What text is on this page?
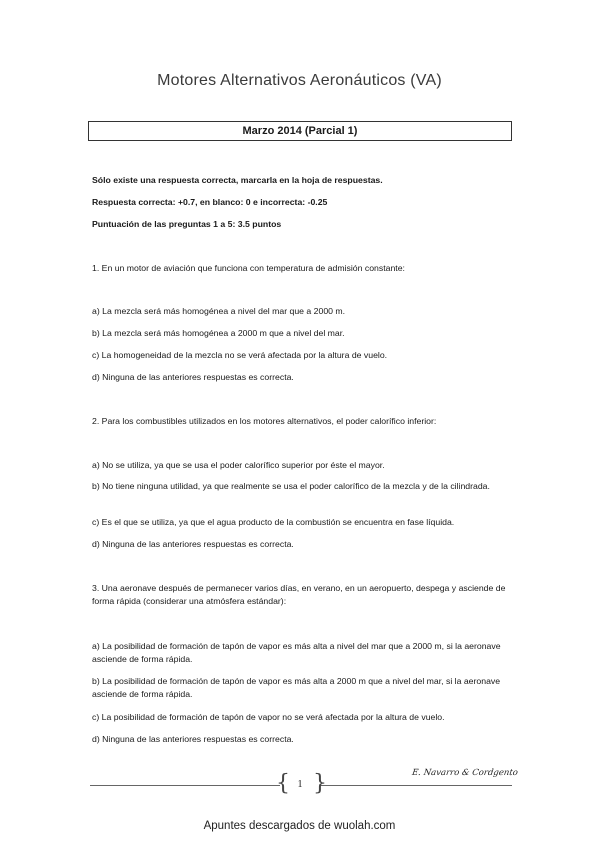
Motores Alternativos Aeronáuticos (VA)
Marzo 2014 (Parcial 1)
Sólo existe una respuesta correcta, marcarla en la hoja de respuestas.
Respuesta correcta: +0.7, en blanco: 0 e incorrecta: -0.25
Puntuación de las preguntas 1 a 5: 3.5 puntos
1. En un motor de aviación que funciona con temperatura de admisión constante:
a) La mezcla será más homogénea a nivel del mar que a 2000 m.
b) La mezcla será más homogénea a 2000 m que a nivel del mar.
c) La homogeneidad de la mezcla no se verá afectada por la altura de vuelo.
d) Ninguna de las anteriores respuestas es correcta.
2. Para los combustibles utilizados en los motores alternativos, el poder calorífico inferior:
a) No se utiliza, ya que se usa el poder calorífico superior por éste el mayor.
b) No tiene ninguna utilidad, ya que realmente se usa el poder calorífico de la mezcla y de la cilindrada.
c) Es el que se utiliza, ya que el agua producto de la combustión se encuentra en fase líquida.
d) Ninguna de las anteriores respuestas es correcta.
3. Una aeronave después de permanecer varios días, en verano, en un aeropuerto, despega y asciende de forma rápida (considerar una atmósfera estándar):
a) La posibilidad de formación de tapón de vapor es más alta a nivel del mar que a 2000 m, si la aeronave asciende de forma rápida.
b) La posibilidad de formación de tapón de vapor es más alta a 2000 m que a nivel del mar, si la aeronave asciende de forma rápida.
c) La posibilidad de formación de tapón de vapor no se verá afectada por la altura de vuelo.
d) Ninguna de las anteriores respuestas es correcta.
{ }
1
E. Navarro & Cordgento
Apuntes descargados de wuolah.com
